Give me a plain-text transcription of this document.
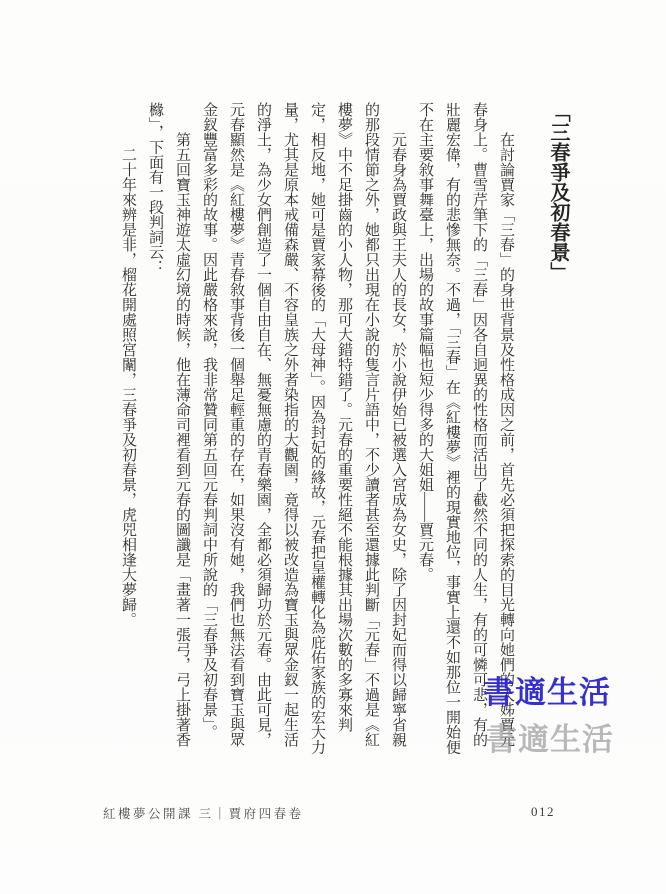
「三春爭及初春景」

在討論賈家「三春」的身世背景及性格成因之前，首先必須把探索的目光轉向她們的大姊賈元春身上。曹雪芹筆下的「三春」因各自迥異的性格而活出了截然不同的人生，有的可憐可悲，有的壯麗宏偉，有的悲慘無奈。不過，「三春」在《紅樓夢》裡的現實地位，事實上還不如那位一開始便不在主要敘事舞臺上，出場的故事篇幅也短少得多的大姐姐——賈元春。

元春身為賈政與王夫人的長女，於小說伊始已被選入宮成為女史，除了因封妃而得以歸寧省親的那段情節之外，她都只出現在小說的隻言片語中，不少讀者甚至還據此判斷「元春」不過是《紅樓夢》中不足掛齒的小人物，那可大錯特錯了。元春的重要性絕不能根據其出場次數的多寡來判定，相反地，她可是賈家幕後的「大母神」。因為封妃的緣故，元春把皇權轉化為庇佑家族的宏大力量，尤其是原本戒備森嚴、不容皇族之外者染指的大觀園，竟得以被改造為寶玉與眾金釵一起生活的淨土，為少女們創造了一個自由自在、無憂無慮的青春樂園，全都必須歸功於元春。由此可見，元春顯然是《紅樓夢》青春敘事背後一個舉足輕重的存在，如果沒有她，我們也無法看到寶玉與眾金釵豐富多彩的故事。因此嚴格來說，我非常贊同第五回元春判詞中所說的「三春爭及初春景」。

第五回寶玉神遊太虛幻境的時候，他在薄命司裡看到元春的圖讖是「畫著一張弓，弓上掛著香櫞」，下面有一段判詞云：

二十年來辨是非，榴花開處照宮闈，三春爭及初春景，虎兕相逢大夢歸。

書適生活
書適生活
紅樓夢公開課 三｜賈府四春卷	012
